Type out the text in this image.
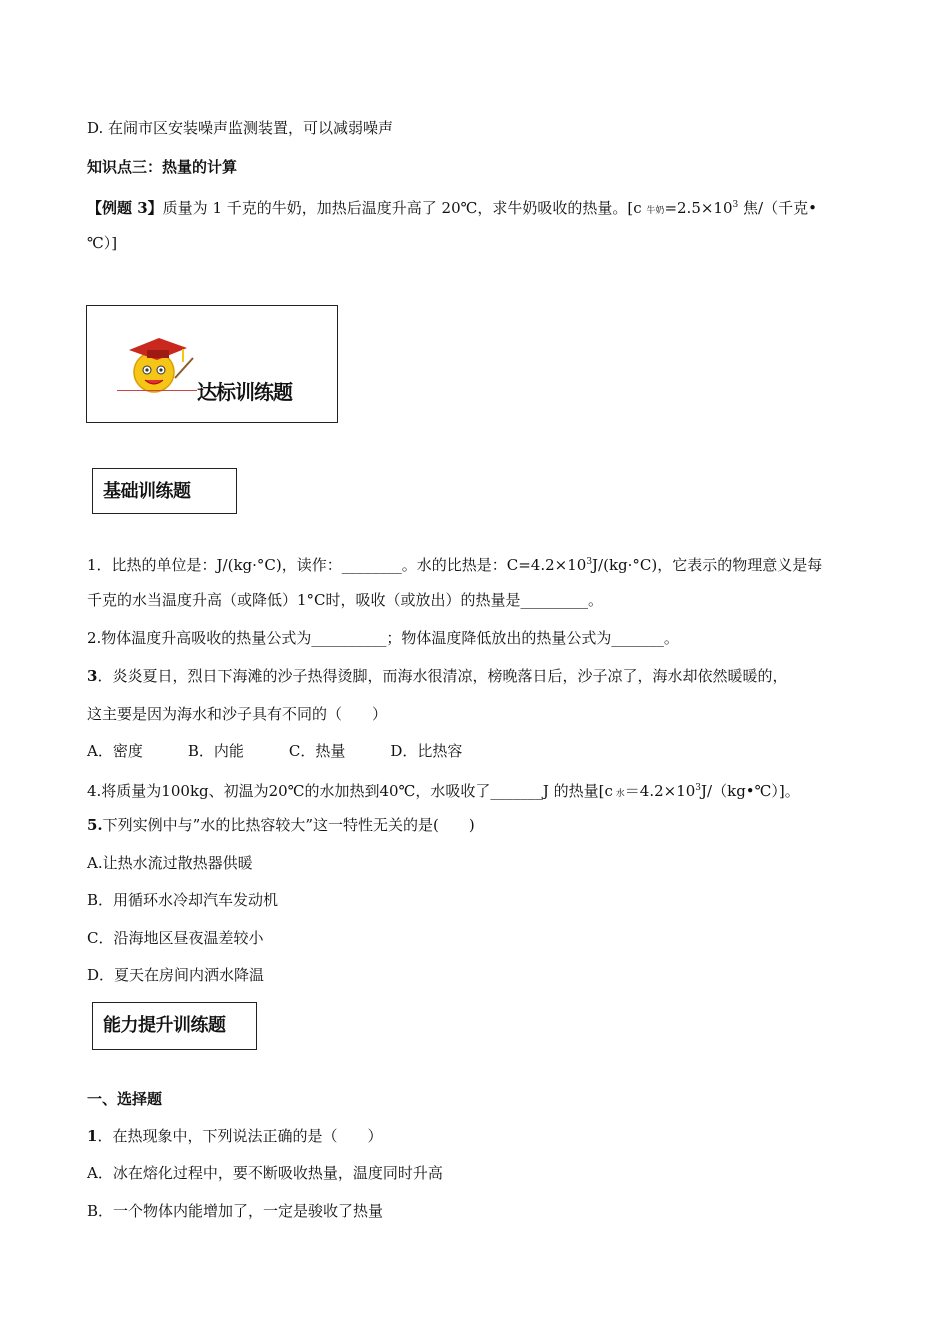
D. 在闹市区安装噪声监测装置，可以减弱噪声
知识点三：热量的计算
【例题 3】质量为 1 千克的牛奶，加热后温度升高了 20℃，求牛奶吸收的热量。[c 牛奶$=2.5\times 10^3$ 焦/（千克•
℃）]
达标训练题
基础训练题
1．比热的单位是：J/(kg·°C)，读作：________。水的比热是：$C=4.2\times 10^3J/(kg\cdot^\circ C)$，它表示的物理意义是每
千克的水当温度升高（或降低）1°C时，吸收（或放出）的热量是_________。
2.物体温度升高吸收的热量公式为__________；物体温度降低放出的热量公式为_______。
3．炎炎夏日，烈日下海滩的沙子热得烫脚，而海水很清凉，榜晚落日后，沙子凉了，海水却依然暖暖的，
这主要是因为海水和沙子具有不同的（　　）
A．密度　　　B．内能　　　C．热量　　　D．比热容
4.将质量为100kg、初温为20℃的水加热到40℃，水吸收了_______J 的热量[c 水$=4.2\times 10^3J/(kg•℃)$]。
5.下列实例中与”水的比热容较大”这一特性无关的是(　　)
A.让热水流过散热器供暖
B．用循环水冷却汽车发动机
C．沿海地区昼夜温差较小
D．夏天在房间内洒水降温
能力提升训练题
一、选择题
1．在热现象中，下列说法正确的是（　　）
A．冰在熔化过程中，要不断吸收热量，温度同时升高
B．一个物体内能增加了，一定是骏收了热量
